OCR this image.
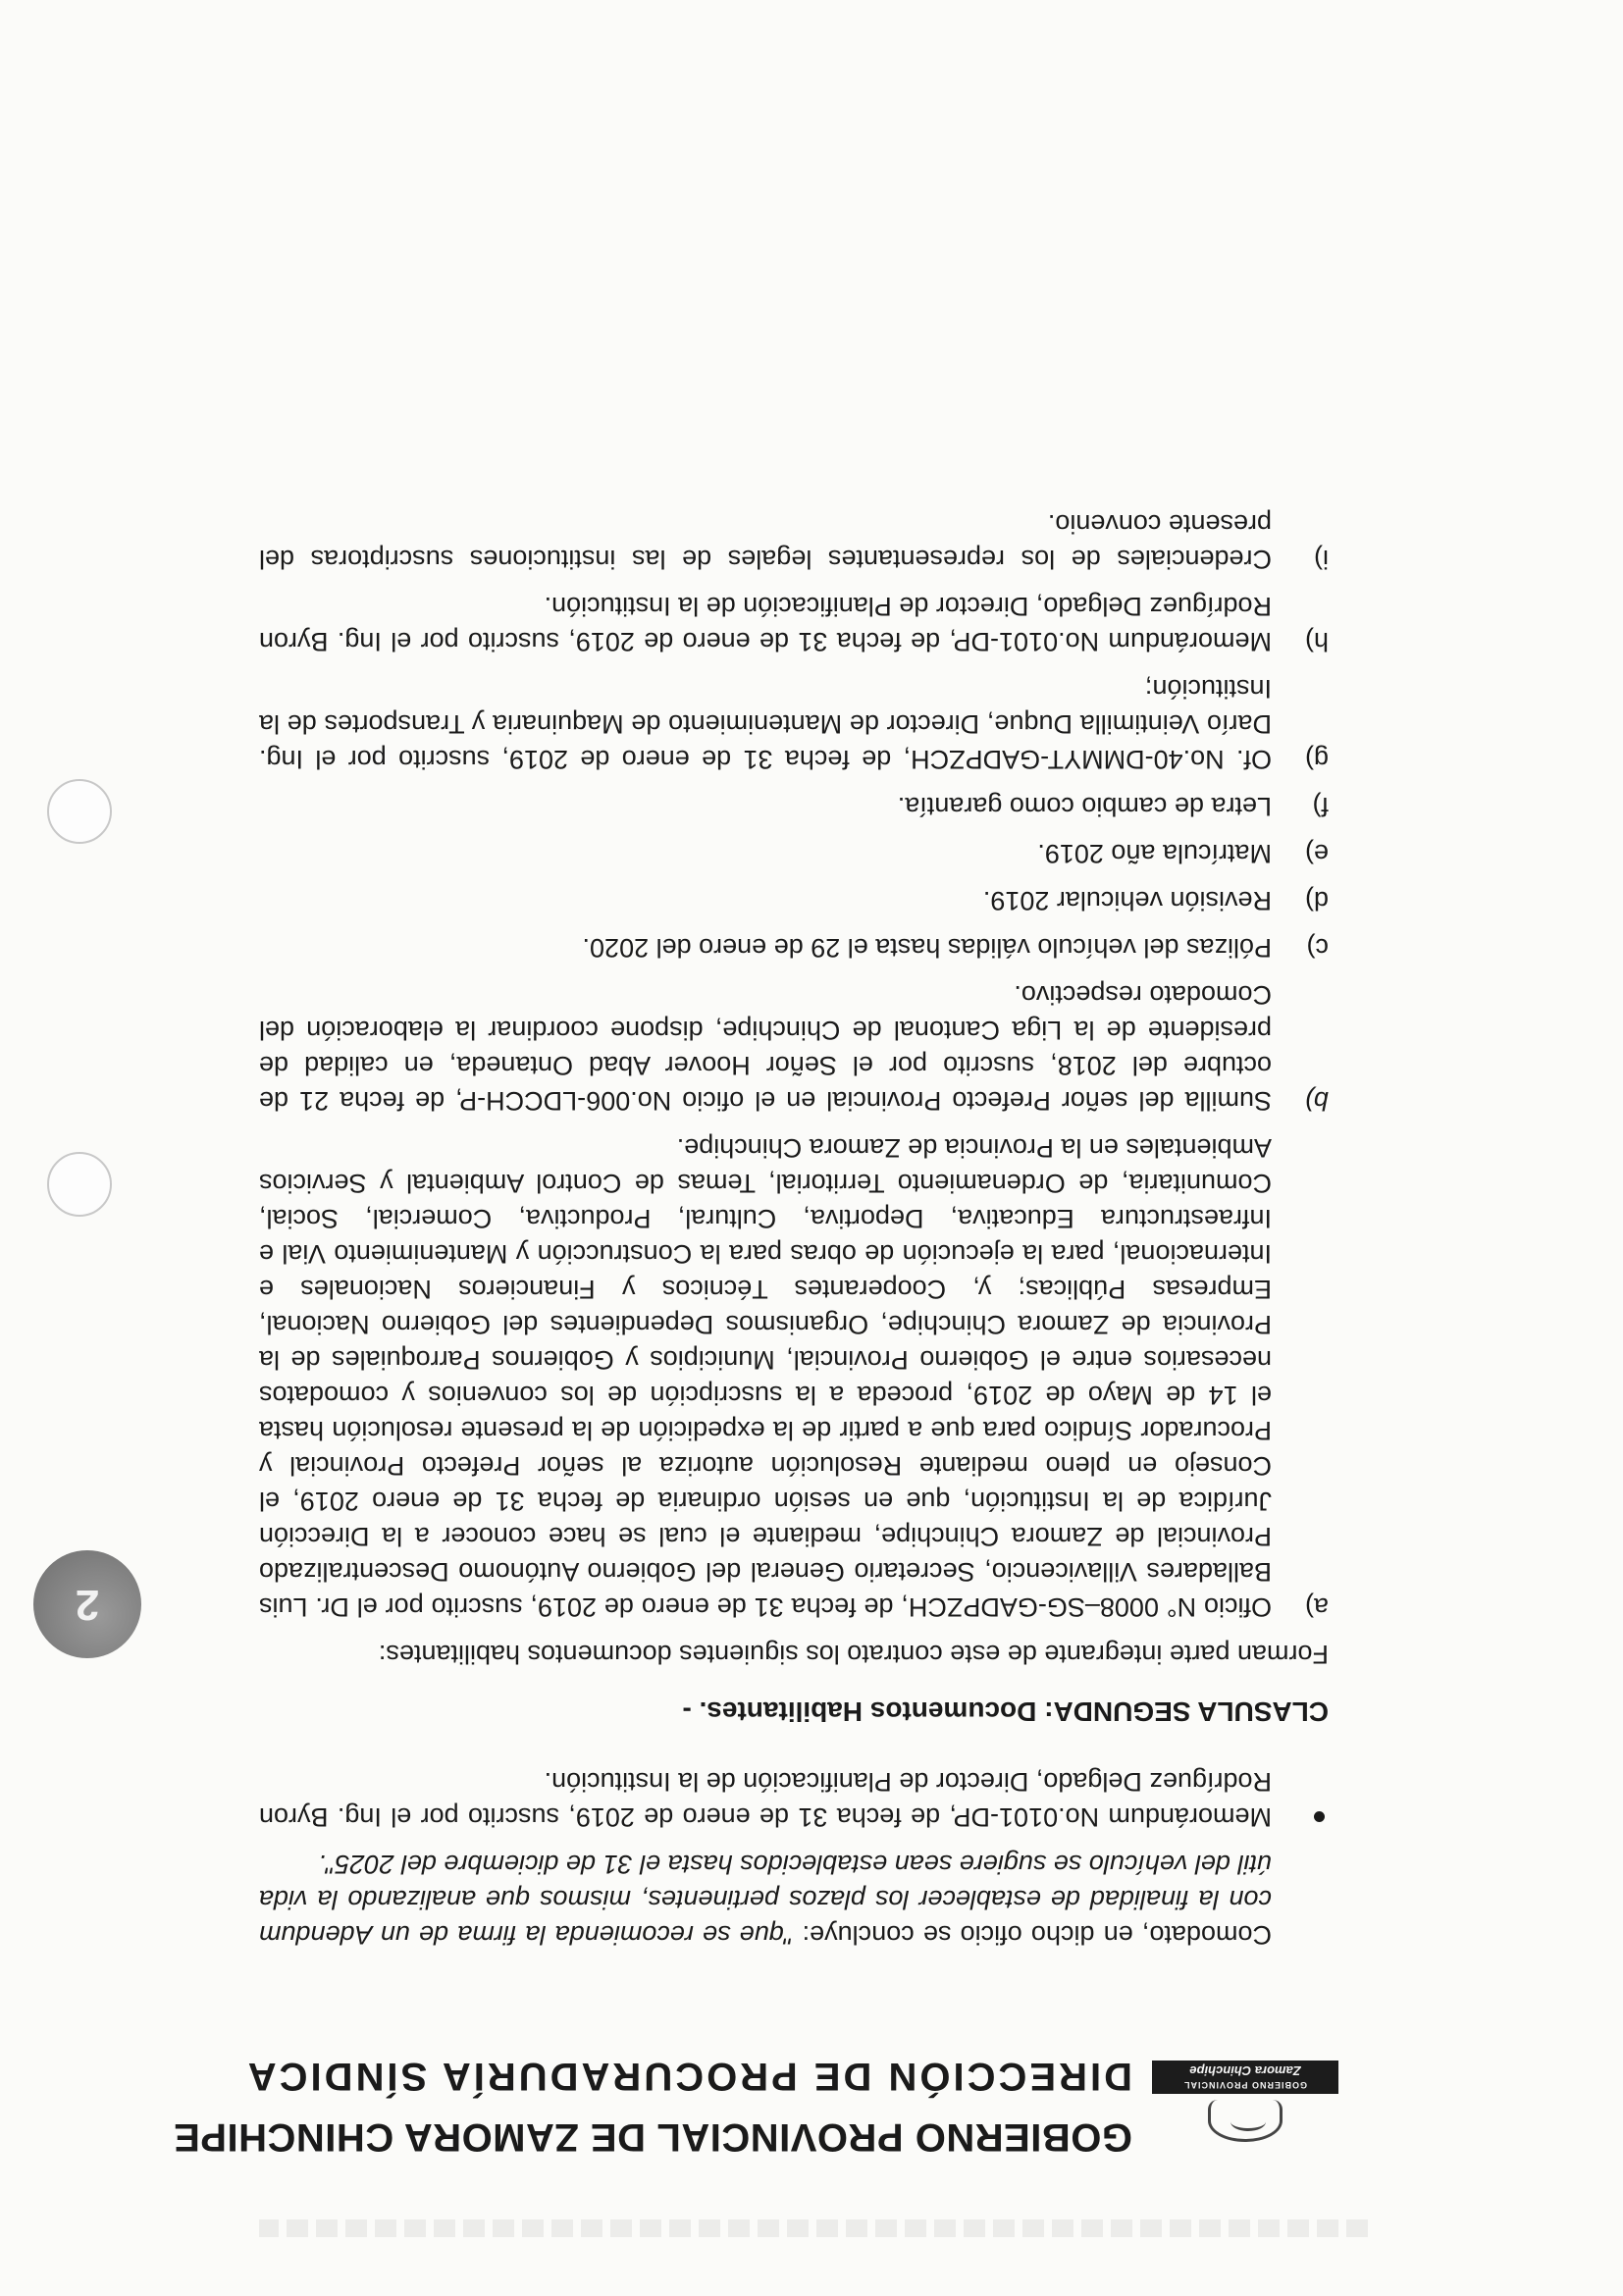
GOBIERNO PROVINCIAL
Zamora Chinchipe
GOBIERNO PROVINCIAL DE ZAMORA CHINCHIPE
DIRECCIÓN DE PROCURADURÍA SÍNDICA

Comodato, en dicho oficio se concluye: "que se recomienda la firma de un Adendum con la finalidad de establecer los plazos pertinentes, mismos que analizando la vida útil del vehículo se sugiere sean establecidos hasta el 31 de diciembre del 2025".

Memorándum No.0101-DP, de fecha 31 de enero de 2019, suscrito por el Ing. Byron Rodríguez Delgado, Director de Planificación de la Institución.

CLASULA SEGUNDA: Documentos Habilitantes. -

Forman parte integrante de este contrato los siguientes documentos habilitantes:

a)
Oficio N° 0008–SG-GADPZCH, de fecha 31 de enero de 2019, suscrito por el Dr. Luis Balladares Villavicencio, Secretario General del Gobierno Autónomo Descentralizado Provincial de Zamora Chinchipe, mediante el cual se hace conocer a la Dirección Jurídica de la Institución, que en sesión ordinaria de fecha 31 de enero 2019, el Consejo en pleno mediante Resolución autoriza al señor Prefecto Provincial y Procurador Síndico para que a partir de la expedición de la presente resolución hasta el 14 de Mayo de 2019, proceda a la suscripción de los convenios y comodatos necesarios entre el Gobierno Provincial, Municipios y Gobiernos Parroquiales de la Provincia de Zamora Chinchipe, Organismos Dependientes del Gobierno Nacional, Empresas Públicas; y, Cooperantes Técnicos y Financieros Nacionales e Internacional, para la ejecución de obras para la Construcción y Mantenimiento Vial e Infraestructura Educativa, Deportiva, Cultural, Productiva, Comercial, Social, Comunitaria, de Ordenamiento Territorial, Temas de Control Ambiental y Servicios Ambientales en la Provincia de Zamora Chinchipe.

b)
Sumilla del señor Prefecto Provincial en el oficio No.006-LDCCH-P, de fecha 21 de octubre del 2018, suscrito por el Señor Hoover Abad Ontaneda, en calidad de presidente de la Liga Cantonal de Chinchipe, dispone coordinar la elaboración del Comodato respectivo.

c)
Pólizas del vehículo válidas hasta el 29 de enero del 2020.

d)
Revisión vehicular 2019.

e)
Matrícula año 2019.

f)
Letra de cambio como garantía.

g)
Of. No.40-DMMYT-GADPZCH, de fecha 31 de enero de 2019, suscrito por el Ing. Darío Veintimilla Duque, Director de Mantenimiento de Maquinaria y Transportes de la Institución;

h)
Memorándum No.0101-DP, de fecha 31 de enero de 2019, suscrito por el Ing. Byron Rodríguez Delgado, Director de Planificación de la Institución.

i)
Credenciales de los representantes legales de las instituciones suscriptoras del presente convenio.

2
